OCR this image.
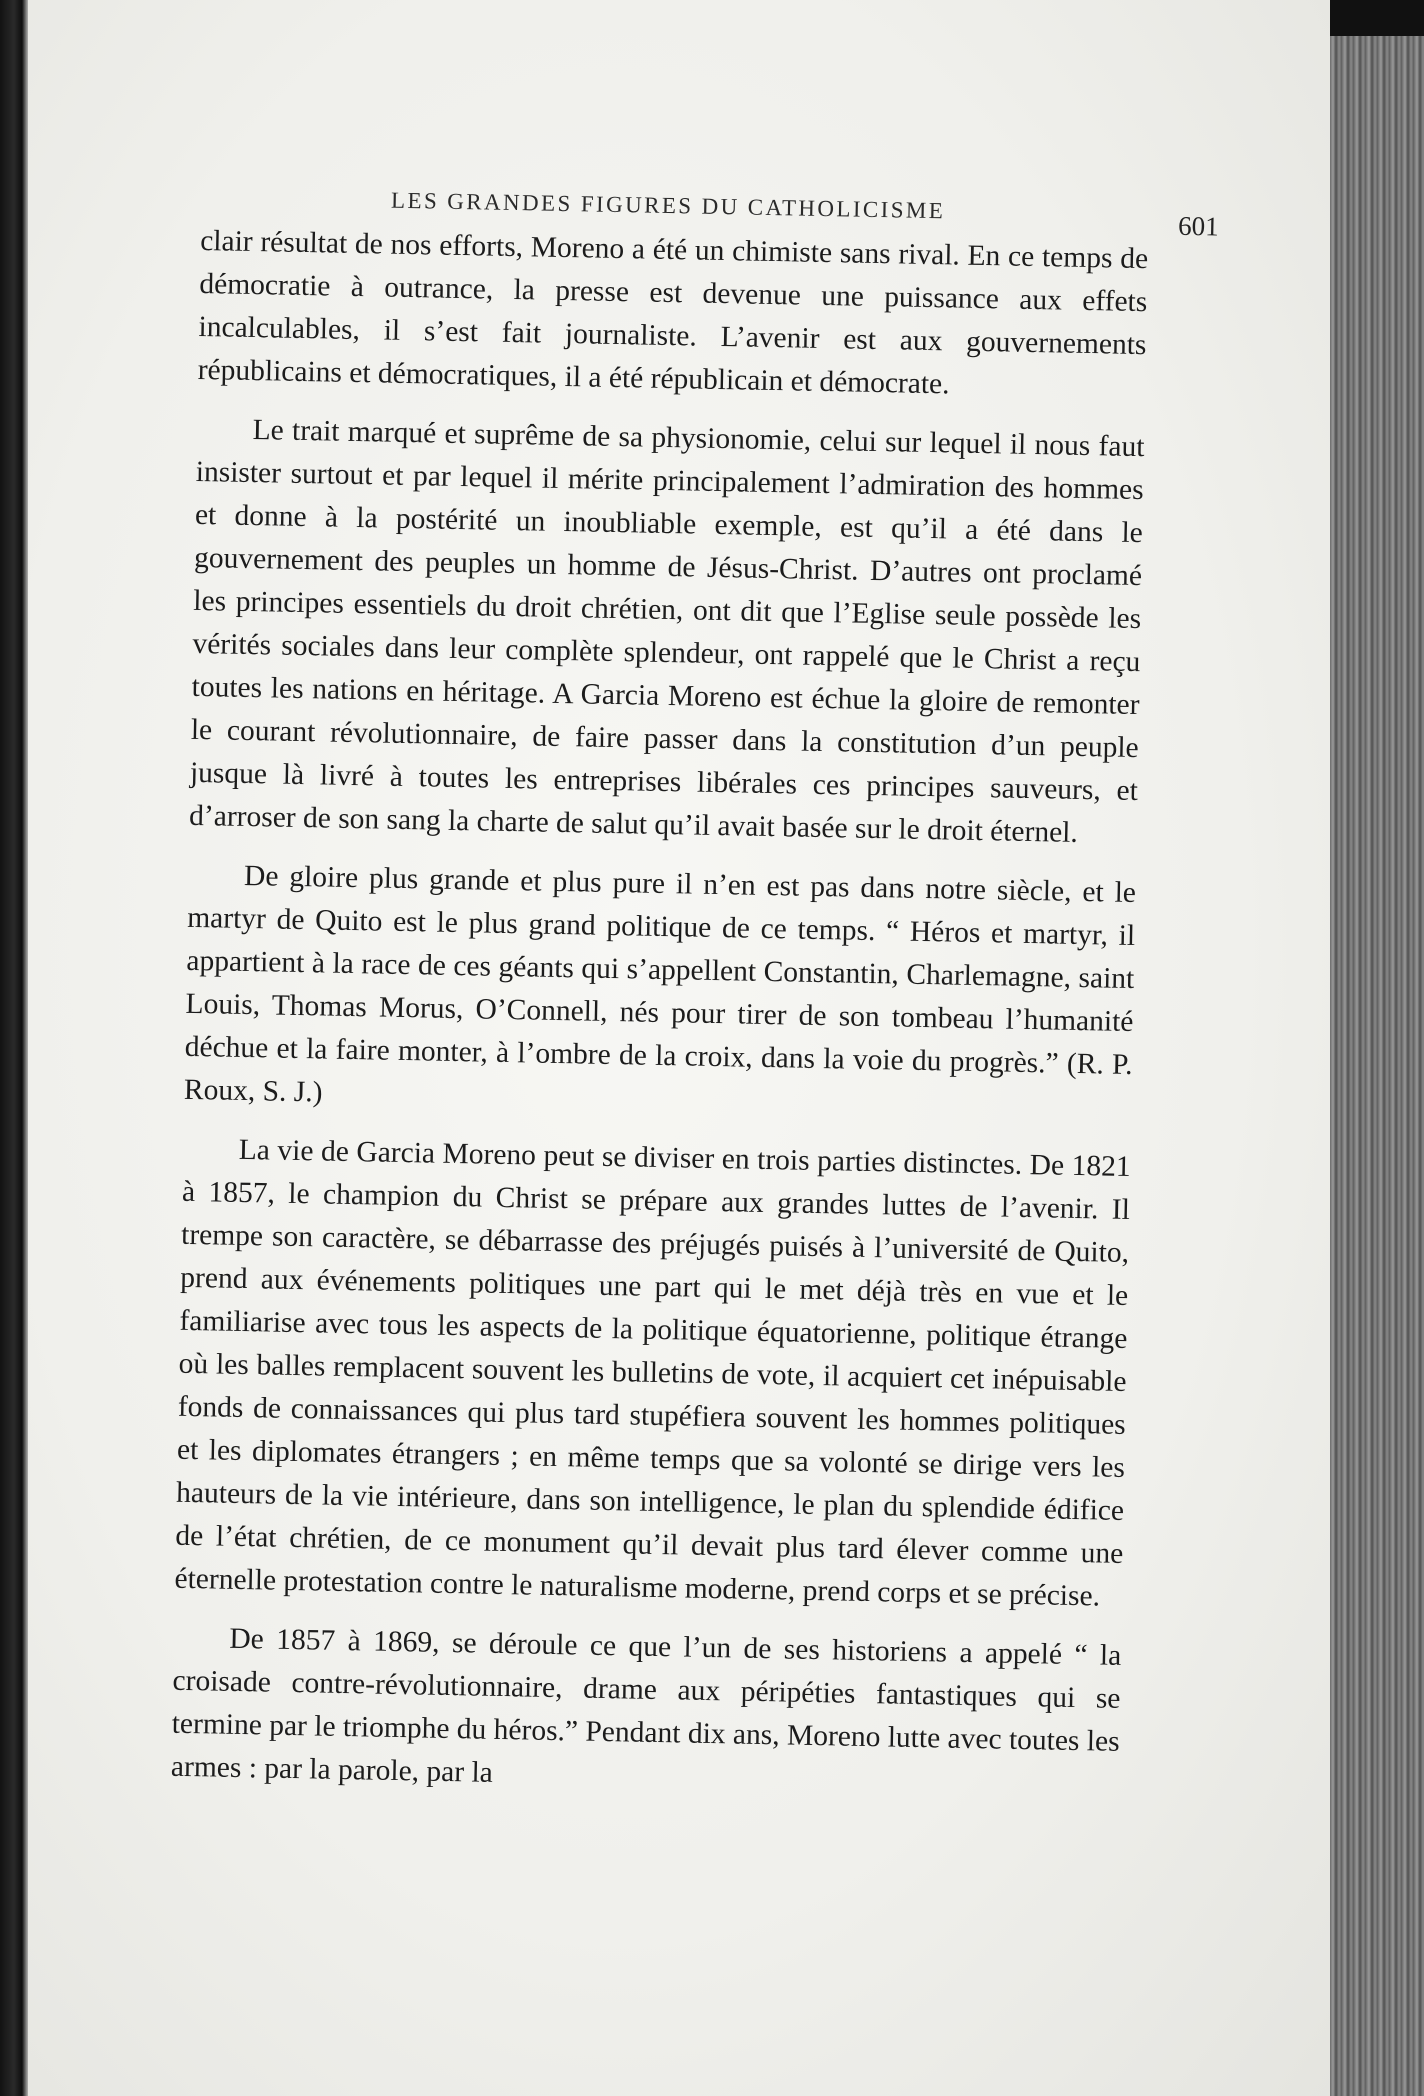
LES GRANDES FIGURES DU CATHOLICISME
601

clair résultat de nos efforts, Moreno a été un chimiste sans rival. En ce temps de démocratie à outrance, la presse est devenue une puissance aux effets incalculables, il s’est fait journaliste. L’avenir est aux gouvernements républicains et démocratiques, il a été républicain et démocrate.

Le trait marqué et suprême de sa physionomie, celui sur lequel il nous faut insister surtout et par lequel il mérite principalement l’admiration des hommes et donne à la postérité un inoubliable exemple, est qu’il a été dans le gouvernement des peuples un homme de Jésus-Christ. D’autres ont proclamé les principes essentiels du droit chrétien, ont dit que l’Eglise seule possède les vérités sociales dans leur complète splendeur, ont rappelé que le Christ a reçu toutes les nations en héritage. A Garcia Moreno est échue la gloire de remonter le courant révolutionnaire, de faire passer dans la constitution d’un peuple jusque là livré à toutes les entreprises libérales ces principes sauveurs, et d’arroser de son sang la charte de salut qu’il avait basée sur le droit éternel.

De gloire plus grande et plus pure il n’en est pas dans notre siècle, et le martyr de Quito est le plus grand politique de ce temps. “ Héros et martyr, il appartient à la race de ces géants qui s’appellent Constantin, Charlemagne, saint Louis, Thomas Morus, O’Connell, nés pour tirer de son tombeau l’humanité déchue et la faire monter, à l’ombre de la croix, dans la voie du progrès.” (R. P. Roux, S. J.)

La vie de Garcia Moreno peut se diviser en trois parties distinctes. De 1821 à 1857, le champion du Christ se prépare aux grandes luttes de l’avenir. Il trempe son caractère, se débarrasse des préjugés puisés à l’université de Quito, prend aux événements politiques une part qui le met déjà très en vue et le familiarise avec tous les aspects de la politique équatorienne, politique étrange où les balles remplacent souvent les bulletins de vote, il acquiert cet inépuisable fonds de connaissances qui plus tard stupéfiera souvent les hommes politiques et les diplomates étrangers ; en même temps que sa volonté se dirige vers les hauteurs de la vie intérieure, dans son intelligence, le plan du splendide édifice de l’état chrétien, de ce monument qu’il devait plus tard élever comme une éternelle protestation contre le naturalisme moderne, prend corps et se précise.

De 1857 à 1869, se déroule ce que l’un de ses historiens a appelé “ la croisade contre-révolutionnaire, drame aux péripéties fantastiques qui se termine par le triomphe du héros.” Pendant dix ans, Moreno lutte avec toutes les armes : par la parole, par la
